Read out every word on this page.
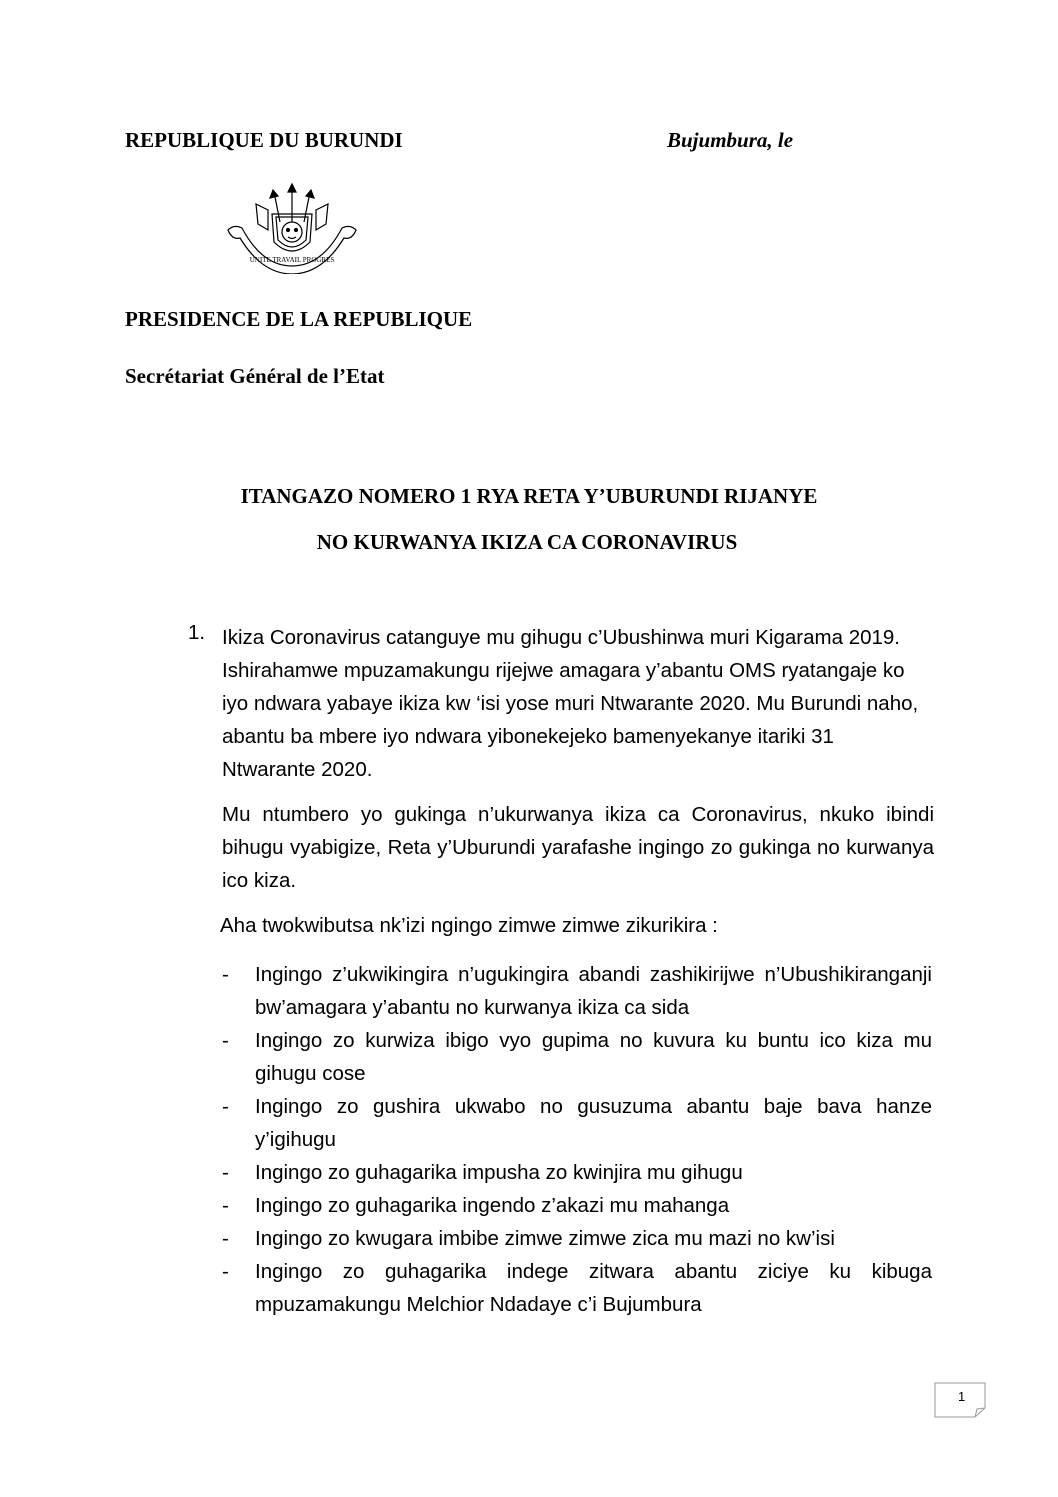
REPUBLIQUE DU BURUNDI	Bujumbura, le
UNITE TRAVAIL PROGRES
PRESIDENCE DE LA REPUBLIQUE
Secrétariat Général de l’Etat
ITANGAZO NOMERO 1 RYA RETA Y’UBURUNDI RIJANYE
NO KURWANYA IKIZA CA CORONAVIRUS
1. Ikiza Coronavirus catanguye mu gihugu c’Ubushinwa muri Kigarama 2019. Ishirahamwe mpuzamakungu rijejwe amagara y’abantu OMS ryatangaje ko iyo ndwara yabaye ikiza kw ‘isi yose muri Ntwarante 2020. Mu Burundi naho, abantu ba mbere iyo ndwara yibonekejeko bamenyekanye itariki 31 Ntwarante 2020.

Mu ntumbero yo gukinga n’ukurwanya ikiza ca Coronavirus, nkuko ibindi bihugu vyabigize, Reta y’Uburundi yarafashe ingingo zo gukinga no kurwanya ico kiza.

Aha twokwibutsa nk’izi ngingo zimwe zimwe zikurikira :

- Ingingo z’ukwikingira n’ugukingira abandi zashikirijwe n’Ubushikiranganji bw’amagara y’abantu no kurwanya ikiza ca sida
- Ingingo zo kurwiza ibigo vyo gupima no kuvura ku buntu ico kiza mu gihugu cose
- Ingingo zo gushira ukwabo no gusuzuma abantu baje bava hanze y’igihugu
- Ingingo zo guhagarika impusha zo kwinjira mu gihugu
- Ingingo zo guhagarika ingendo z’akazi mu mahanga
- Ingingo zo kwugara imbibe zimwe zimwe zica mu mazi no kw’isi
- Ingingo zo guhagarika indege zitwara abantu ziciye ku kibuga mpuzamakungu Melchior Ndadaye c’i Bujumbura
1
